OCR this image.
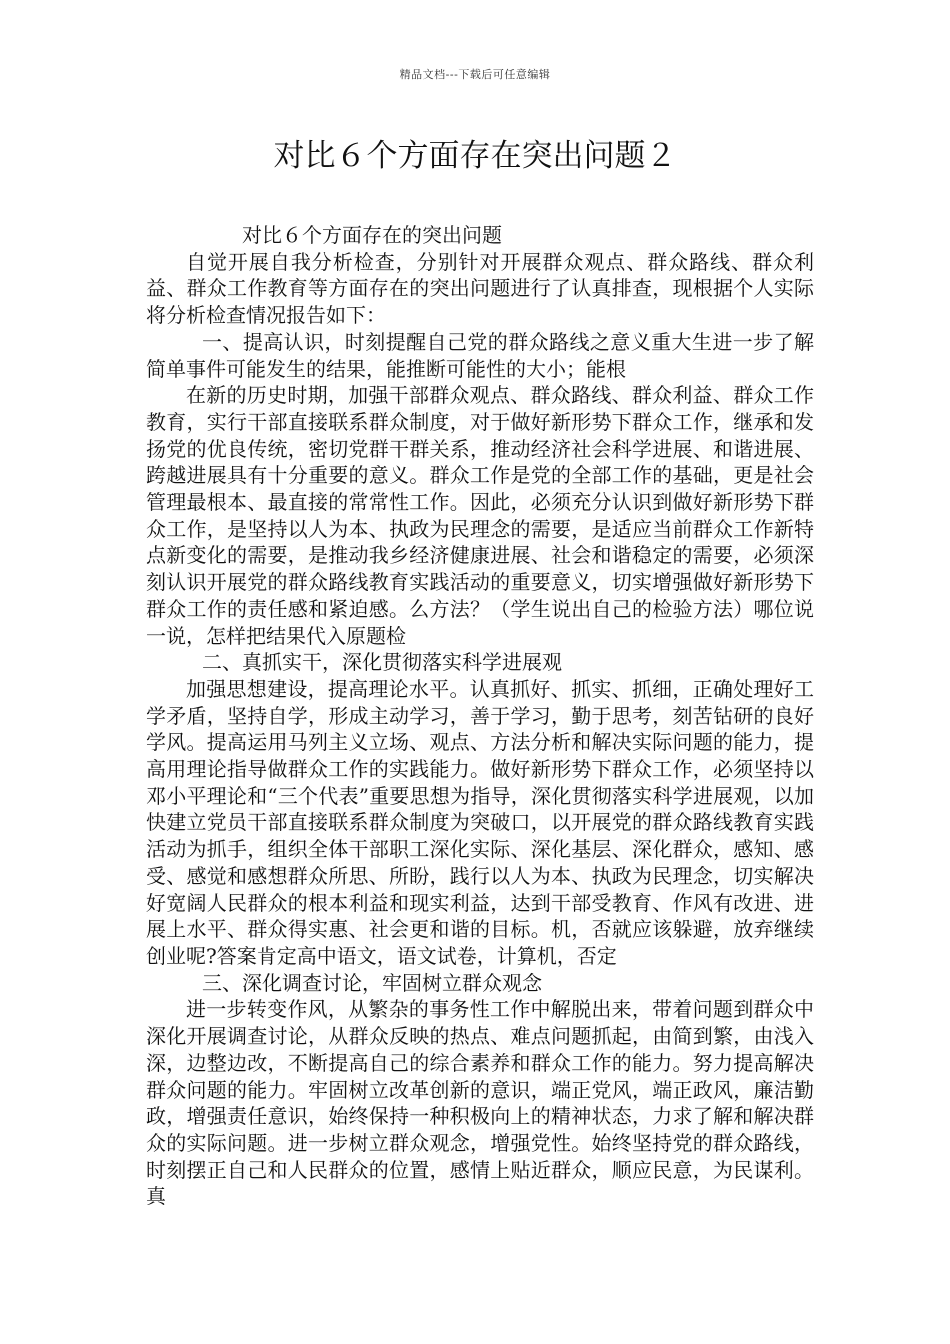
精品文档---下载后可任意编辑
对比６个方面存在突出问题２

对比６个方面存在的突出问题

自觉开展自我分析检查，分别针对开展群众观点、群众路线、群众利益、群众工作教育等方面存在的突出问题进行了认真排查，现根据个人实际将分析检查情况报告如下：

一、提高认识，时刻提醒自己党的群众路线之意义重大生进一步了解简单事件可能发生的结果，能推断可能性的大小；能根

在新的历史时期，加强干部群众观点、群众路线、群众利益、群众工作教育，实行干部直接联系群众制度，对于做好新形势下群众工作，继承和发扬党的优良传统，密切党群干群关系，推动经济社会科学进展、和谐进展、跨越进展具有十分重要的意义。群众工作是党的全部工作的基础，更是社会管理最根本、最直接的常常性工作。因此，必须充分认识到做好新形势下群众工作，是坚持以人为本、执政为民理念的需要，是适应当前群众工作新特点新变化的需要，是推动我乡经济健康进展、社会和谐稳定的需要，必须深刻认识开展党的群众路线教育实践活动的重要意义，切实增强做好新形势下群众工作的责任感和紧迫感。么方法？（学生说出自己的检验方法）哪位说一说，怎样把结果代入原题检

二、真抓实干，深化贯彻落实科学进展观

加强思想建设，提高理论水平。认真抓好、抓实、抓细，正确处理好工学矛盾，坚持自学，形成主动学习，善于学习，勤于思考，刻苦钻研的良好学风。提高运用马列主义立场、观点、方法分析和解决实际问题的能力，提高用理论指导做群众工作的实践能力。做好新形势下群众工作，必须坚持以邓小平理论和“三个代表”重要思想为指导，深化贯彻落实科学进展观，以加快建立党员干部直接联系群众制度为突破口，以开展党的群众路线教育实践活动为抓手，组织全体干部职工深化实际、深化基层、深化群众，感知、感受、感觉和感想群众所思、所盼，践行以人为本、执政为民理念，切实解决好宽阔人民群众的根本利益和现实利益，达到干部受教育、作风有改进、进展上水平、群众得实惠、社会更和谐的目标。机，否就应该躲避，放弃继续创业呢?答案肯定高中语文，语文试卷，计算机，否定

三、深化调查讨论，牢固树立群众观念

进一步转变作风，从繁杂的事务性工作中解脱出来，带着问题到群众中深化开展调查讨论，从群众反映的热点、难点问题抓起，由简到繁，由浅入深，边整边改，不断提高自己的综合素养和群众工作的能力。努力提高解决群众问题的能力。牢固树立改革创新的意识，端正党风，端正政风，廉洁勤政，增强责任意识，始终保持一种积极向上的精神状态，力求了解和解决群众的实际问题。进一步树立群众观念，增强党性。始终坚持党的群众路线，时刻摆正自己和人民群众的位置，感情上贴近群众，顺应民意，为民谋利。真
